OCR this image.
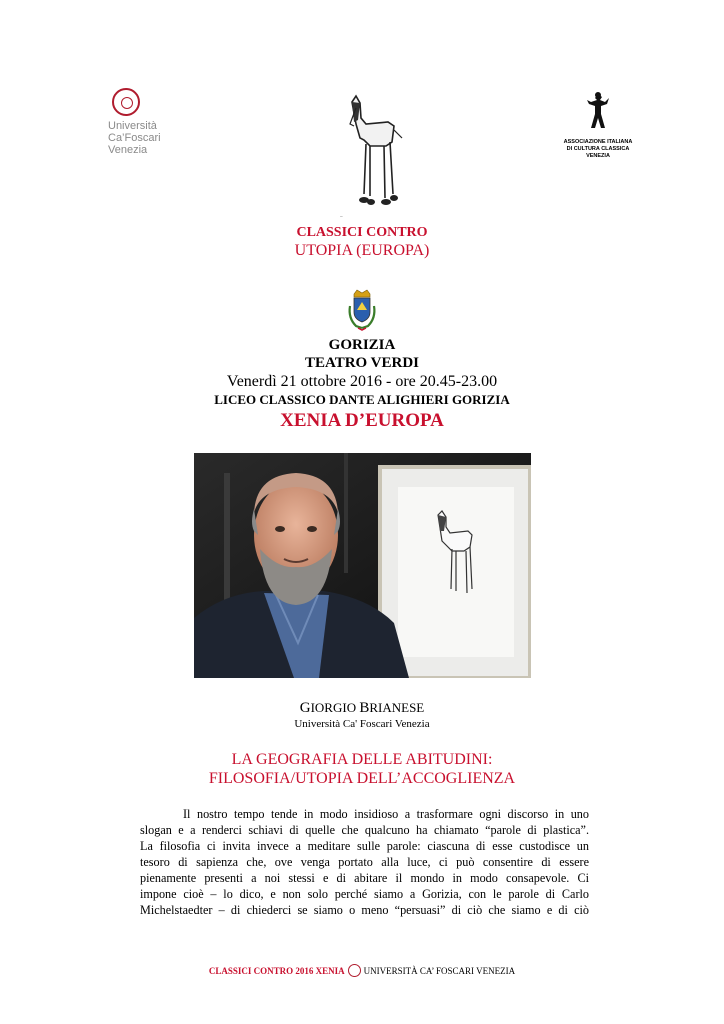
Università
Ca’Foscari
Venezia
~
ASSOCIAZIONE ITALIANA
DI CULTURA CLASSICA
VENEZIA
CLASSICI CONTRO
UTOPIA (EUROPA)
GORIZIA
TEATRO VERDI
Venerdì 21 ottobre 2016 - ore 20.45-23.00
LICEO CLASSICO DANTE ALIGHIERI GORIZIA
XENIA D’EUROPA
GIORGIO BRIANESE
Università Ca' Foscari Venezia
LA GEOGRAFIA DELLE ABITUDINI:
FILOSOFIA/UTOPIA DELL’ACCOGLIENZA
Il nostro tempo tende in modo insidioso a trasformare ogni discorso in uno
slogan e a renderci schiavi di quelle che qualcuno ha chiamato “parole di plastica”.
La filosofia ci invita invece a meditare sulle parole: ciascuna di esse custodisce un
tesoro di sapienza che, ove venga portato alla luce, ci può consentire di essere
pienamente presenti a noi stessi e di abitare il mondo in modo consapevole. Ci
impone cioè – lo dico, e non solo perché siamo a Gorizia, con le parole di Carlo
Michelstaedter – di chiederci se siamo o meno “persuasi” di ciò che siamo e di ciò
CLASSICI CONTRO 2016 XENIA UNIVERSITÀ CA’ FOSCARI VENEZIA
